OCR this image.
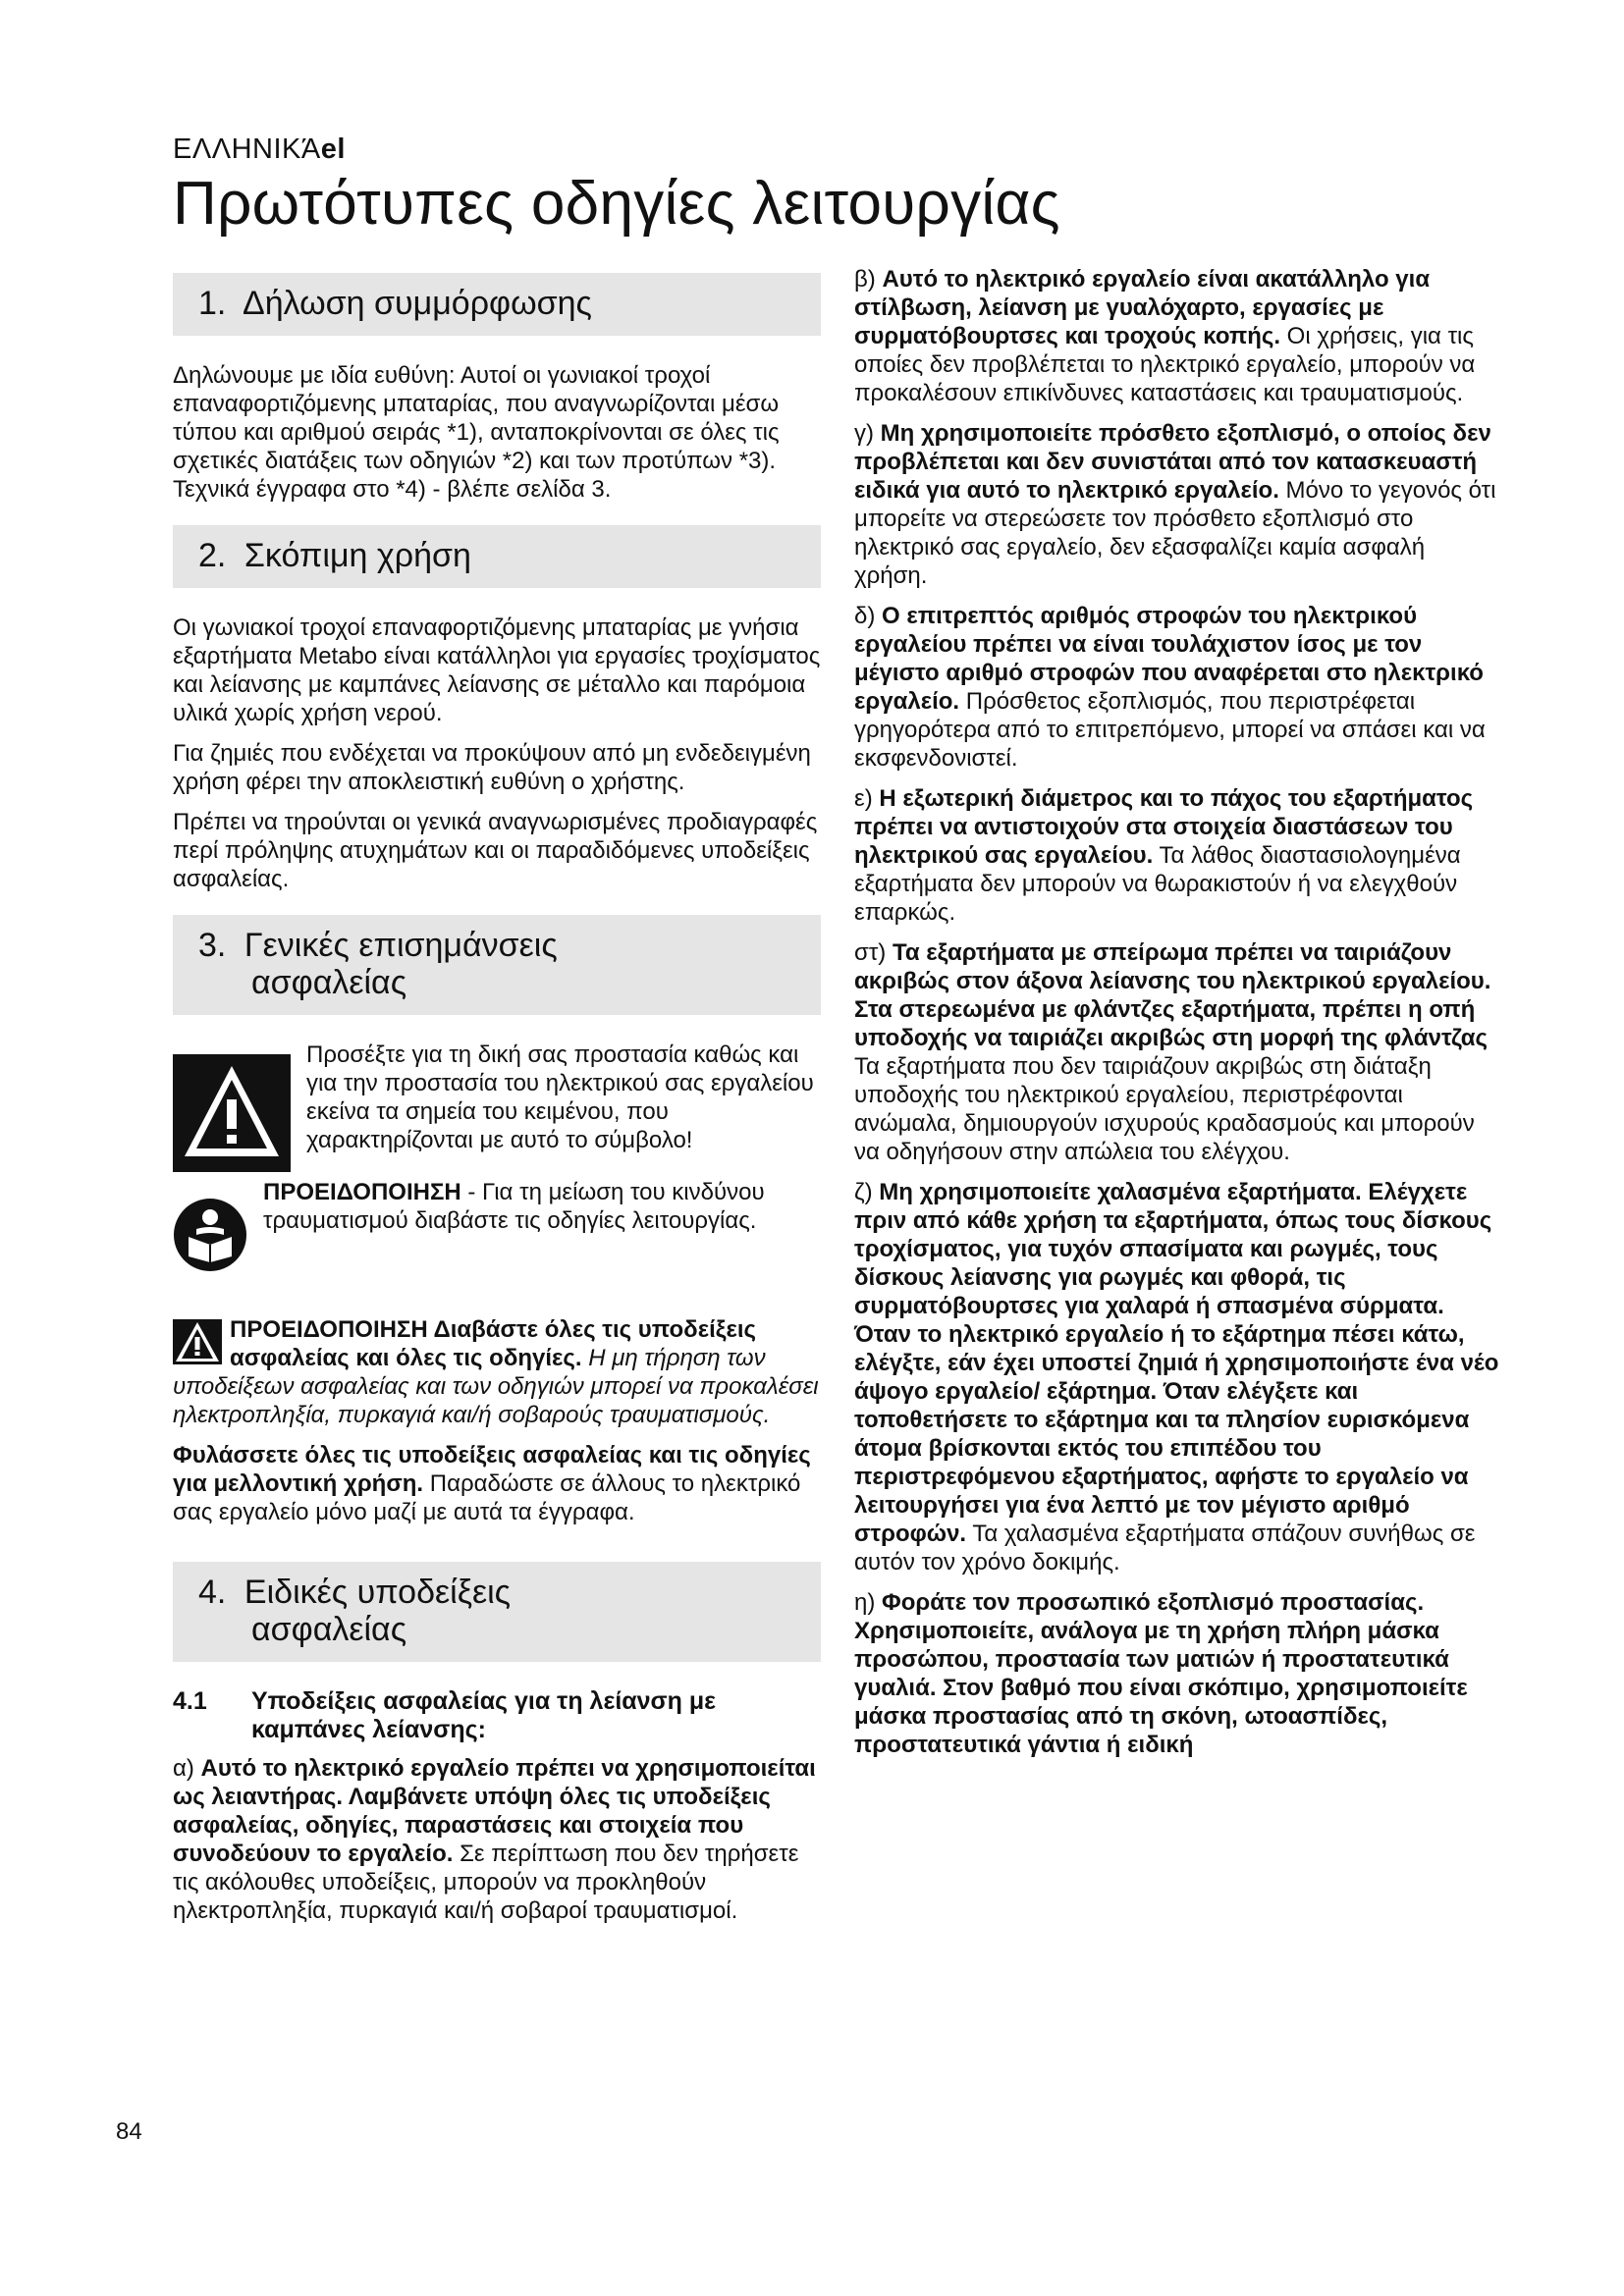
ΕΛΛΗΝΙΚΆel
Πρωτότυπες οδηγίες λειτουργίας
1. Δήλωση συμμόρφωσης

Δηλώνουμε με ιδία ευθύνη: Αυτοί οι γωνιακοί τροχοί επαναφορτιζόμενης μπαταρίας, που αναγνωρίζονται μέσω τύπου και αριθμού σειράς *1), ανταποκρίνονται σε όλες τις σχετικές διατάξεις των οδηγιών *2) και των προτύπων *3). Τεχνικά έγγραφα στο *4) - βλέπε σελίδα 3.

2. Σκόπιμη χρήση

Οι γωνιακοί τροχοί επαναφορτιζόμενης μπαταρίας με γνήσια εξαρτήματα Metabo είναι κατάλληλοι για εργασίες τροχίσματος και λείανσης με καμπάνες λείανσης σε μέταλλο και παρόμοια υλικά χωρίς χρήση νερού.

Για ζημιές που ενδέχεται να προκύψουν από μη ενδεδειγμένη χρήση φέρει την αποκλειστική ευθύνη ο χρήστης.

Πρέπει να τηρούνται οι γενικά αναγνωρισμένες προδιαγραφές περί πρόληψης ατυχημάτων και οι παραδιδόμενες υποδείξεις ασφαλείας.

3. Γενικές επισημάνσεις
ασφαλείας

Προσέξτε για τη δική σας προστασία καθώς και για την προστασία του ηλεκτρικού σας εργαλείου εκείνα τα σημεία του κειμένου, που χαρακτηρίζονται με αυτό το σύμβολο!

ΠΡΟΕΙΔΟΠΟΙΗΣΗ - Για τη μείωση του κινδύνου τραυματισμού διαβάστε τις οδηγίες λειτουργίας.

ΠΡΟΕΙΔΟΠΟΙΗΣΗ Διαβάστε όλες τις υποδείξεις ασφαλείας και όλες τις οδηγίες. Η μη τήρηση των υποδείξεων ασφαλείας και των οδηγιών μπορεί να προκαλέσει ηλεκτροπληξία, πυρκαγιά και/ή σοβαρούς τραυματισμούς.

Φυλάσσετε όλες τις υποδείξεις ασφαλείας και τις οδηγίες για μελλοντική χρήση. Παραδώστε σε άλλους το ηλεκτρικό σας εργαλείο μόνο μαζί με αυτά τα έγγραφα.

4. Ειδικές υποδείξεις
ασφαλείας
4.1	Υποδείξεις ασφαλείας για τη λείανση με καμπάνες λείανσης:

α) Αυτό το ηλεκτρικό εργαλείο πρέπει να χρησιμοποιείται ως λειαντήρας. Λαμβάνετε υπόψη όλες τις υποδείξεις ασφαλείας, οδηγίες, παραστάσεις και στοιχεία που συνοδεύουν το εργαλείο. Σε περίπτωση που δεν τηρήσετε τις ακόλουθες υποδείξεις, μπορούν να προκληθούν ηλεκτροπληξία, πυρκαγιά και/ή σοβαροί τραυματισμοί.

β) Αυτό το ηλεκτρικό εργαλείο είναι ακατάλληλο για στίλβωση, λείανση με γυαλόχαρτο, εργασίες με συρματόβουρτσες και τροχούς κοπής. Οι χρήσεις, για τις οποίες δεν προβλέπεται το ηλεκτρικό εργαλείο, μπορούν να προκαλέσουν επικίνδυνες καταστάσεις και τραυματισμούς.

γ) Μη χρησιμοποιείτε πρόσθετο εξοπλισμό, ο οποίος δεν προβλέπεται και δεν συνιστάται από τον κατασκευαστή ειδικά για αυτό το ηλεκτρικό εργαλείο. Μόνο το γεγονός ότι μπορείτε να στερεώσετε τον πρόσθετο εξοπλισμό στο ηλεκτρικό σας εργαλείο, δεν εξασφαλίζει καμία ασφαλή χρήση.

δ) Ο επιτρεπτός αριθμός στροφών του ηλεκτρικού εργαλείου πρέπει να είναι τουλάχιστον ίσος με τον μέγιστο αριθμό στροφών που αναφέρεται στο ηλεκτρικό εργαλείο. Πρόσθετος εξοπλισμός, που περιστρέφεται γρηγορότερα από το επιτρεπόμενο, μπορεί να σπάσει και να εκσφενδονιστεί.

ε) Η εξωτερική διάμετρος και το πάχος του εξαρτήματος πρέπει να αντιστοιχούν στα στοιχεία διαστάσεων του ηλεκτρικού σας εργαλείου. Τα λάθος διαστασιολογημένα εξαρτήματα δεν μπορούν να θωρακιστούν ή να ελεγχθούν επαρκώς.

στ) Τα εξαρτήματα με σπείρωμα πρέπει να ταιριάζουν ακριβώς στον άξονα λείανσης του ηλεκτρικού εργαλείου. Στα στερεωμένα με φλάντζες εξαρτήματα, πρέπει η οπή υποδοχής να ταιριάζει ακριβώς στη μορφή της φλάντζας Τα εξαρτήματα που δεν ταιριάζουν ακριβώς στη διάταξη υποδοχής του ηλεκτρικού εργαλείου, περιστρέφονται ανώμαλα, δημιουργούν ισχυρούς κραδασμούς και μπορούν να οδηγήσουν στην απώλεια του ελέγχου.

ζ) Μη χρησιμοποιείτε χαλασμένα εξαρτήματα. Ελέγχετε πριν από κάθε χρήση τα εξαρτήματα, όπως τους δίσκους τροχίσματος, για τυχόν σπασίματα και ρωγμές, τους δίσκους λείανσης για ρωγμές και φθορά, τις συρματόβουρτσες για χαλαρά ή σπασμένα σύρματα. Όταν το ηλεκτρικό εργαλείο ή το εξάρτημα πέσει κάτω, ελέγξτε, εάν έχει υποστεί ζημιά ή χρησιμοποιήστε ένα νέο άψογο εργαλείο/ εξάρτημα. Όταν ελέγξετε και τοποθετήσετε το εξάρτημα και τα πλησίον ευρισκόμενα άτομα βρίσκονται εκτός του επιπέδου του περιστρεφόμενου εξαρτήματος, αφήστε το εργαλείο να λειτουργήσει για ένα λεπτό με τον μέγιστο αριθμό στροφών. Τα χαλασμένα εξαρτήματα σπάζουν συνήθως σε αυτόν τον χρόνο δοκιμής.

η) Φοράτε τον προσωπικό εξοπλισμό προστασίας. Χρησιμοποιείτε, ανάλογα με τη χρήση πλήρη μάσκα προσώπου, προστασία των ματιών ή προστατευτικά γυαλιά. Στον βαθμό που είναι σκόπιμο, χρησιμοποιείτε μάσκα προστασίας από τη σκόνη, ωτοασπίδες, προστατευτικά γάντια ή ειδική

84
